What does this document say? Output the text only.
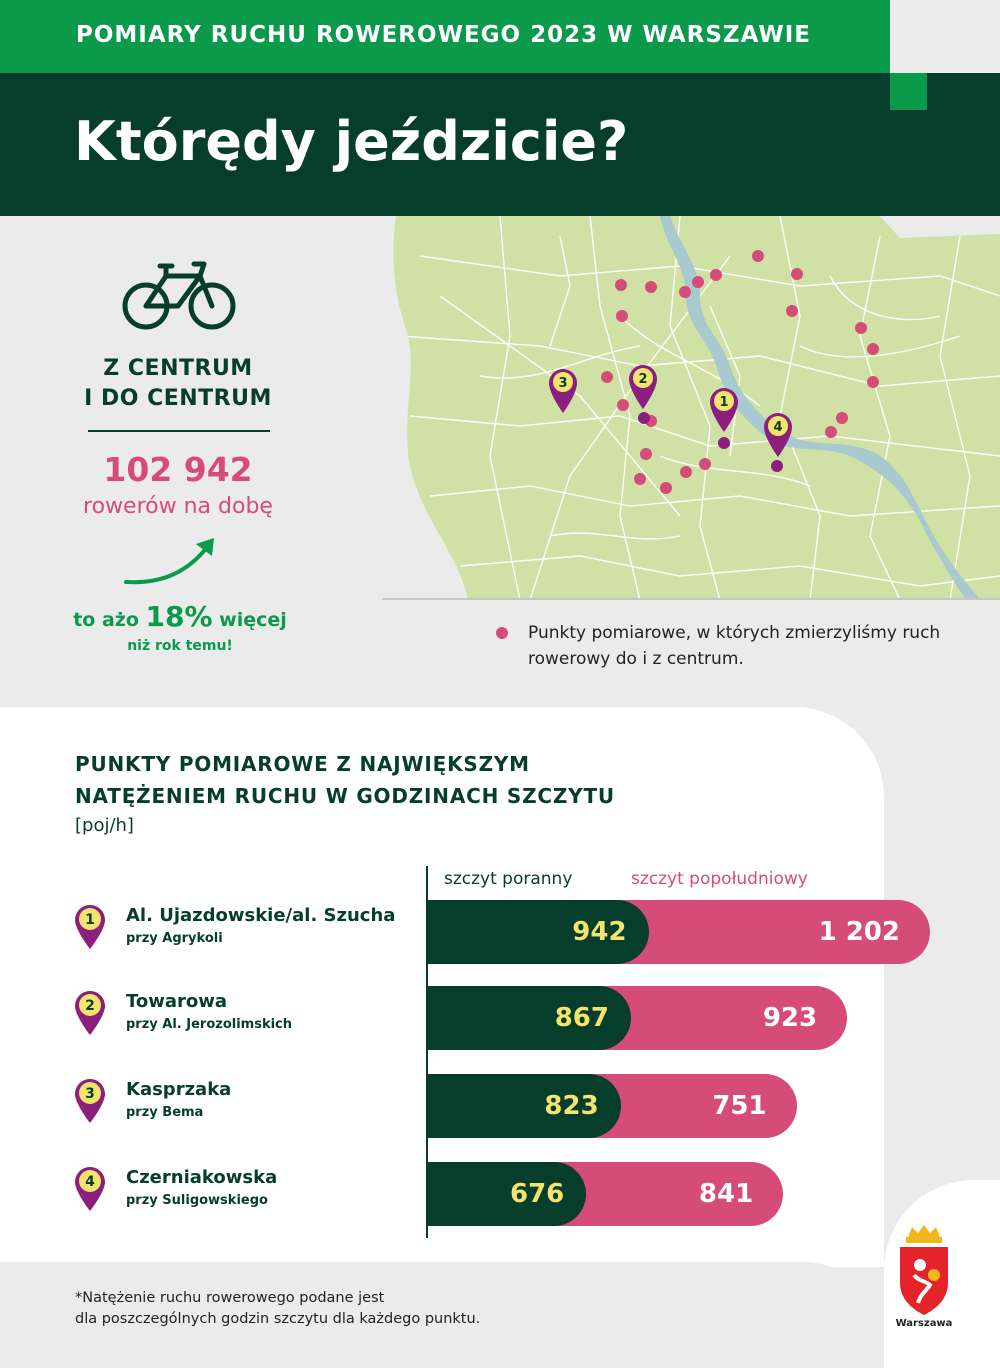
POMIARY RUCHU ROWEROWEGO 2023 W WARSZAWIE
Którędy jeździcie?
3	2
1
4
Z CENTRUM
I DO CENTRUM
102 942
rowerów na dobę
to ażo 18% więcej
niż rok temu!
Punkty pomiarowe, w których zmierzyliśmy ruch rowerowy do i z centrum.
PUNKTY POMIAROWE Z NAJWIĘKSZYM
NATĘŻENIEM RUCHU W GODZINACH SZCZYTU
[poj/h]
szczyt poranny	szczyt popołudniowy
1 Al. Ujazdowskie/al. Szucha
przy Agrykoli	942	1 202
2 Towarowa
przy Al. Jerozolimskich	867	923
3 Kasprzaka
przy Bema	823	751
4 Czerniakowska
przy Suligowskiego	676	841
*Natężenie ruchu rowerowego podane jest
dla poszczególnych godzin szczytu dla każdego punktu.	Warszawa
